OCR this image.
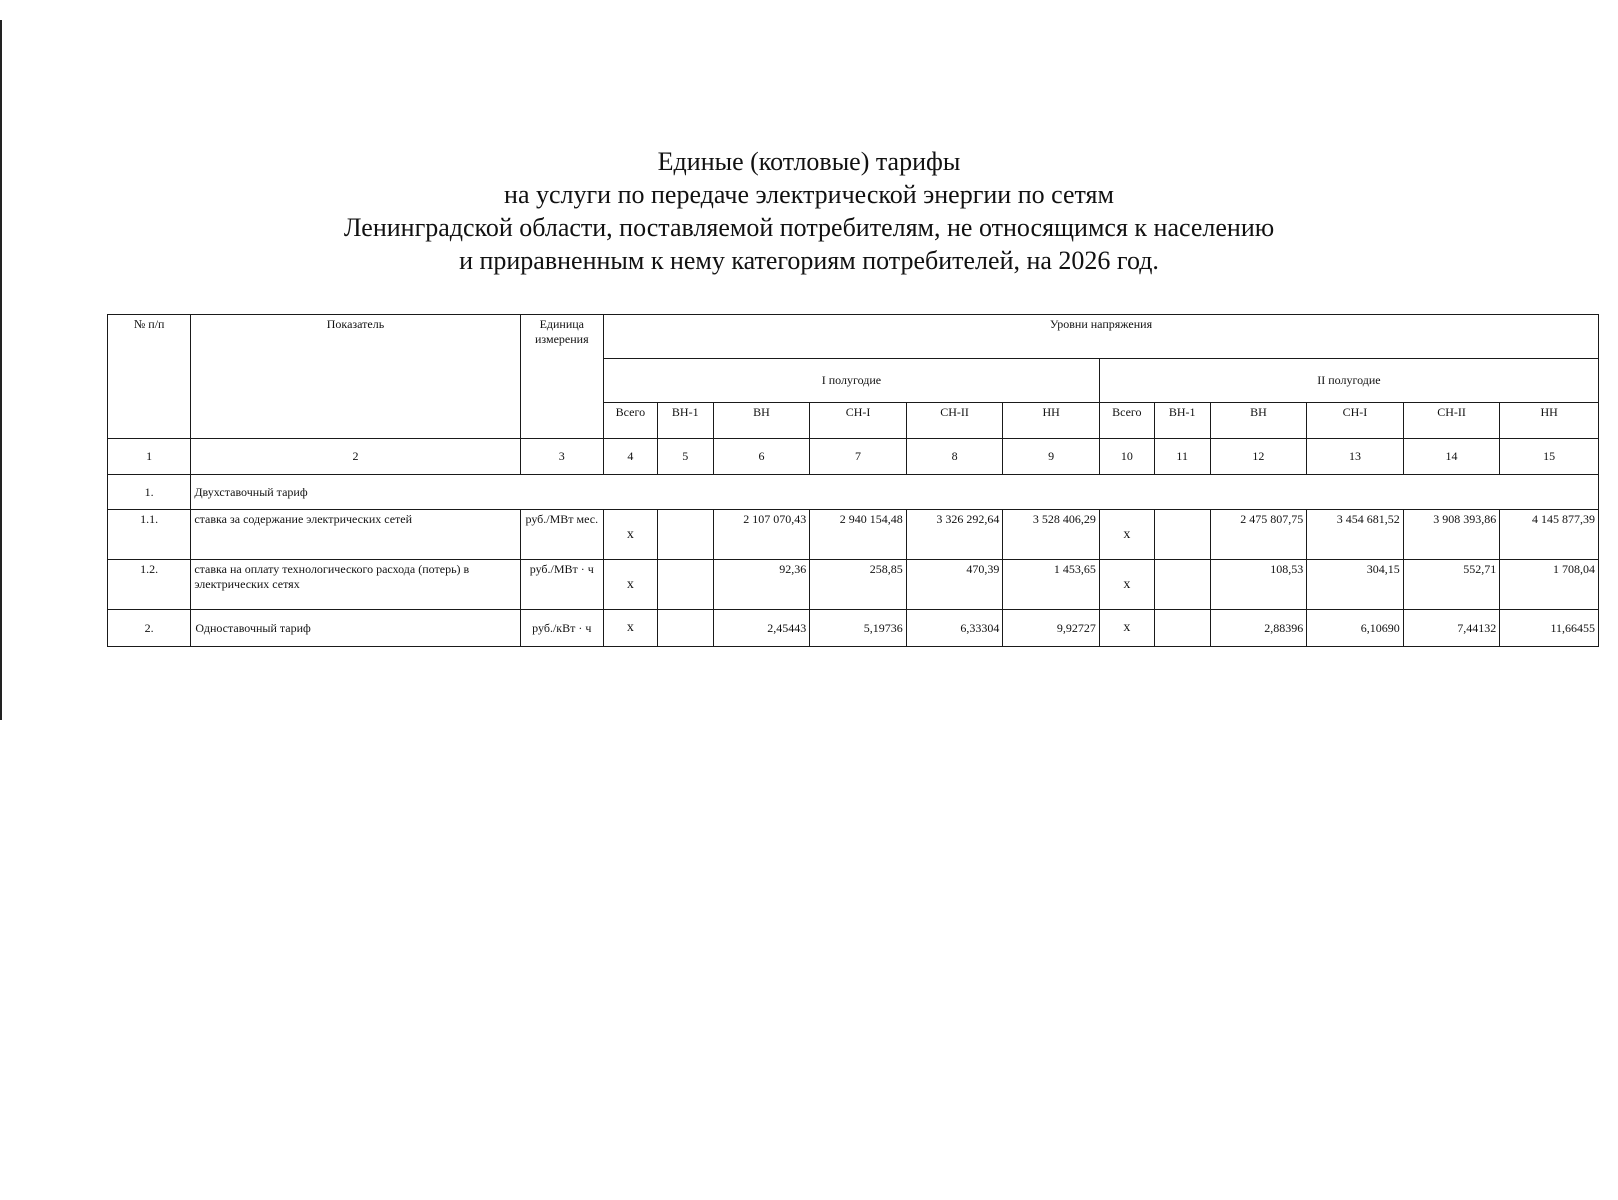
Единые (котловые) тарифы
на услуги по передаче электрической энергии по сетям
Ленинградской области, поставляемой потребителям, не относящимся к населению
и приравненным к нему категориям потребителей, на 2026 год.
№ п/п	Показатель	Единица измерения	Уровни напряжения											
			I полугодие						II полугодие					
			Всего	ВН-1	ВН	СН-I	СН-II	НН	Всего	ВН-1	ВН	СН-I	СН-II	НН
1	2	3	4	5	6	7	8	9	10	11	12	13	14	15
1.	Двухставочный тариф													
1.1.	ставка за содержание электрических сетей	руб./МВт мес.	х		2 107 070,43	2 940 154,48	3 326 292,64	3 528 406,29	х		2 475 807,75	3 454 681,52	3 908 393,86	4 145 877,39
1.2.	ставка на оплату технологического расхода (потерь) в электрических сетях	руб./МВт · ч	х		92,36	258,85	470,39	1 453,65	х		108,53	304,15	552,71	1 708,04
2.	Одноставочный тариф	руб./кВт · ч	х		2,45443	5,19736	6,33304	9,92727	х		2,88396	6,10690	7,44132	11,66455
